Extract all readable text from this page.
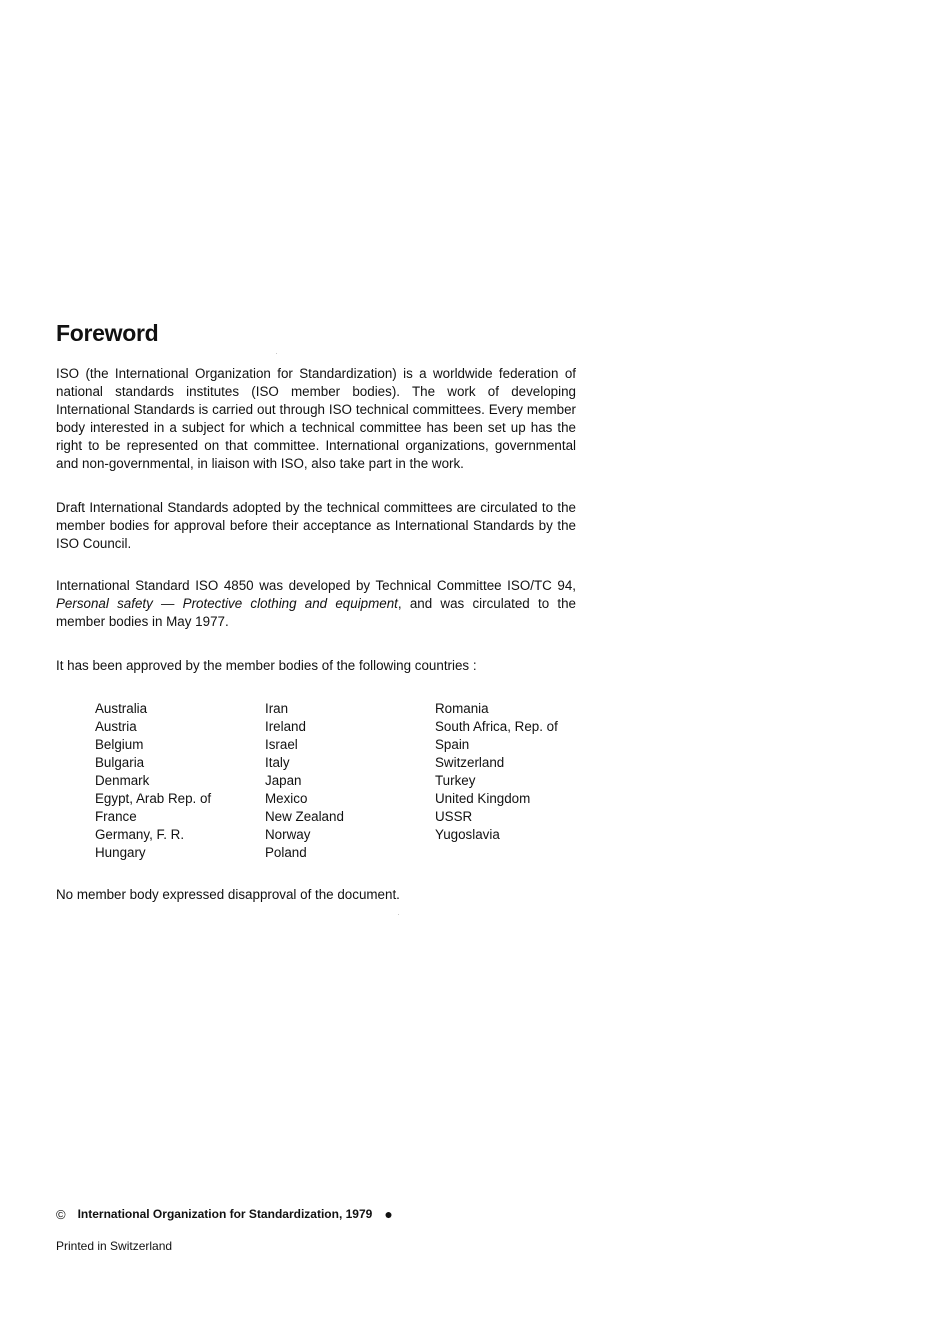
Foreword

ISO (the International Organization for Standardization) is a worldwide federation of national standards institutes (ISO member bodies). The work of developing International Standards is carried out through ISO technical committees. Every member body interested in a subject for which a technical committee has been set up has the right to be represented on that committee. International organizations, governmental and non-governmental, in liaison with ISO, also take part in the work.

Draft International Standards adopted by the technical committees are circulated to the member bodies for approval before their acceptance as International Standards by the ISO Council.

International Standard ISO 4850 was developed by Technical Committee ISO/TC 94, Personal safety — Protective clothing and equipment, and was circulated to the member bodies in May 1977.

It has been approved by the member bodies of the following countries :

Australia
Austria
Belgium
Bulgaria
Denmark
Egypt, Arab Rep. of
France
Germany, F. R.
Hungary
Iran
Ireland
Israel
Italy
Japan
Mexico
New Zealand
Norway
Poland
Romania
South Africa, Rep. of
Spain
Switzerland
Turkey
United Kingdom
USSR
Yugoslavia

No member body expressed disapproval of the document.

© International Organization for Standardization, 1979 ●

Printed in Switzerland
